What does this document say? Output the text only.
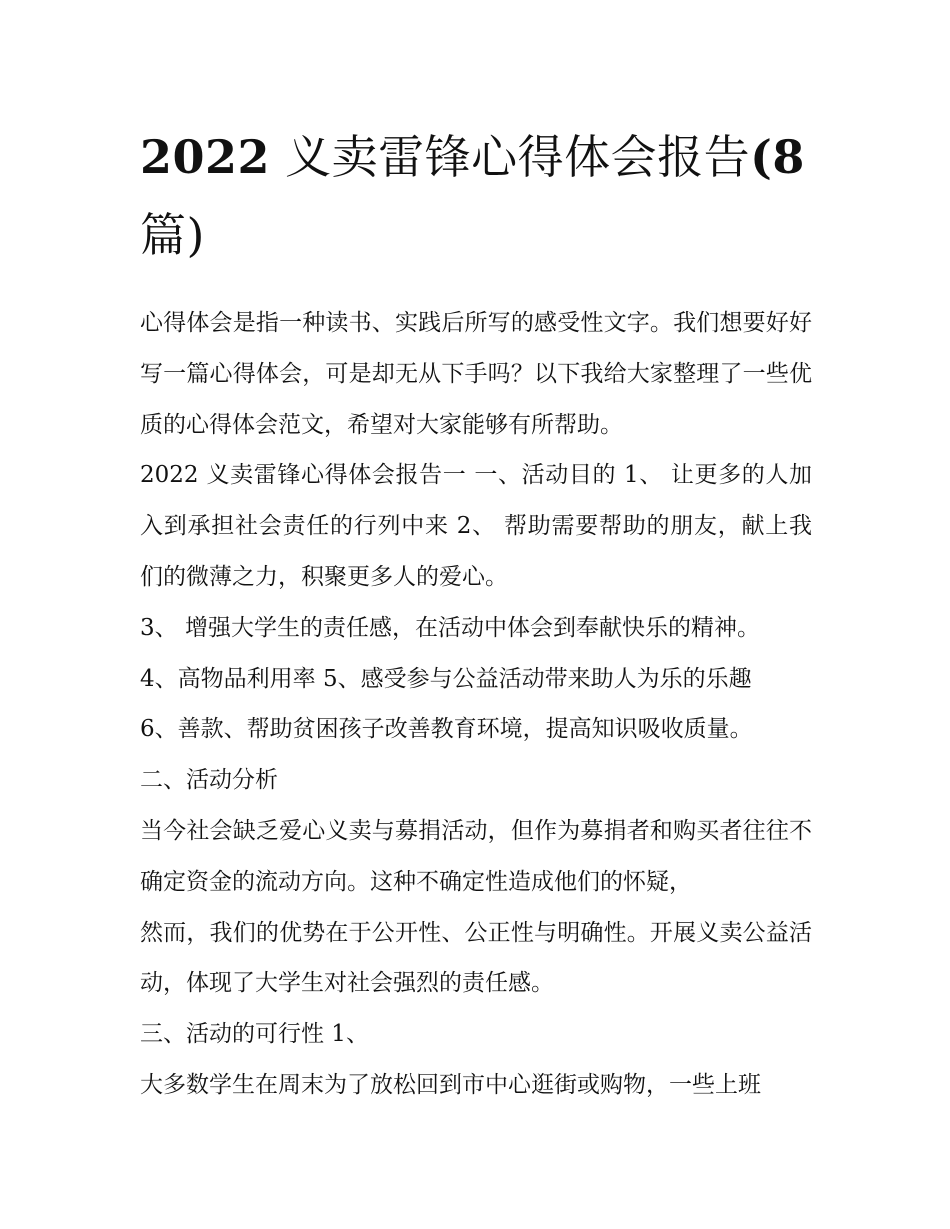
2022 义卖雷锋心得体会报告(8
篇)

心得体会是指一种读书、实践后所写的感受性文字。我们想要好好写一篇心得体会，可是却无从下手吗？以下我给大家整理了一些优质的心得体会范文，希望对大家能够有所帮助。

2022 义卖雷锋心得体会报告一 一、活动目的 1、 让更多的人加入到承担社会责任的行列中来 2、 帮助需要帮助的朋友，献上我们的微薄之力，积聚更多人的爱心。

3、 增强大学生的责任感，在活动中体会到奉献快乐的精神。

4、高物品利用率 5、感受参与公益活动带来助人为乐的乐趣

6、善款、帮助贫困孩子改善教育环境，提高知识吸收质量。

二、活动分析

当今社会缺乏爱心义卖与募捐活动，但作为募捐者和购买者往往不确定资金的流动方向。这种不确定性造成他们的怀疑，

然而，我们的优势在于公开性、公正性与明确性。开展义卖公益活动，体现了大学生对社会强烈的责任感。

三、活动的可行性 1、

大多数学生在周末为了放松回到市中心逛街或购物，一些上班
